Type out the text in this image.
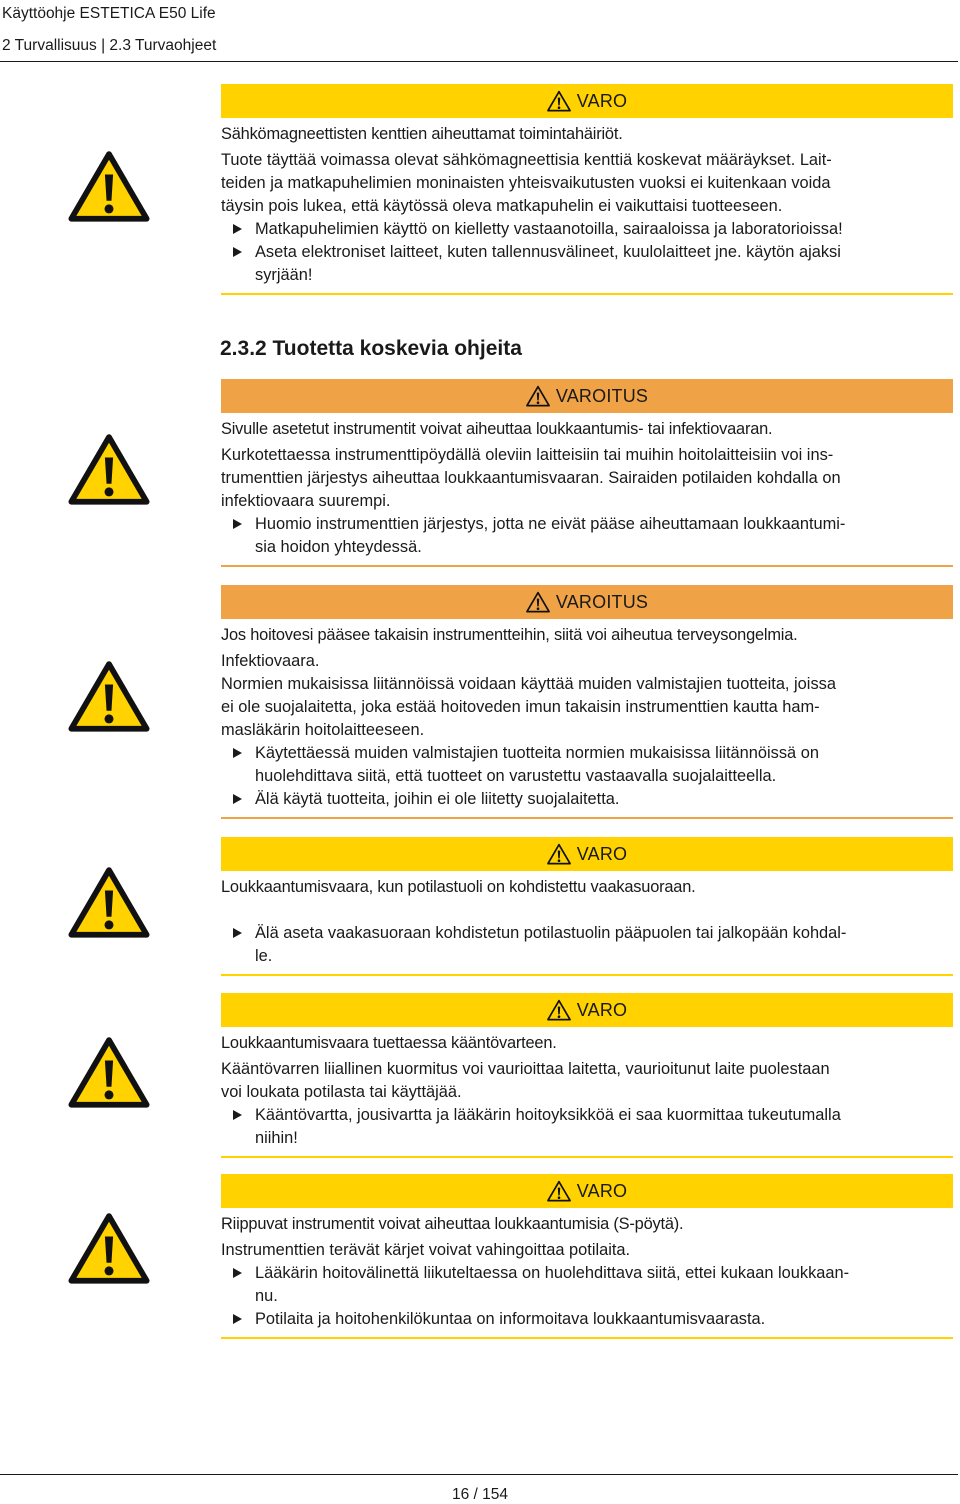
Käyttöohje ESTETICA E50 Life
2 Turvallisuus | 2.3 Turvaohjeet
2.3.2 Tuotetta koskevia ohjeita
VARO
Sähkömagneettisten kenttien aiheuttamat toimintahäiriöt.
Tuote täyttää voimassa olevat sähkömagneettisia kenttiä koskevat määräykset. Lait-
teiden ja matkapuhelimien moninaisten yhteisvaikutusten vuoksi ei kuitenkaan voida
täysin pois lukea, että käytössä oleva matkapuhelin ei vaikuttaisi tuotteeseen.
Matkapuhelimien käyttö on kielletty vastaanotoilla, sairaaloissa ja laboratorioissa!
Aseta elektroniset laitteet, kuten tallennusvälineet, kuulolaitteet jne. käytön ajaksi
syrjään!
VAROITUS
Sivulle asetetut instrumentit voivat aiheuttaa loukkaantumis- tai infektiovaaran.
Kurkotettaessa instrumenttipöydällä oleviin laitteisiin tai muihin hoitolaitteisiin voi ins-
trumenttien järjestys aiheuttaa loukkaantumisvaaran. Sairaiden potilaiden kohdalla on
infektiovaara suurempi.
Huomio instrumenttien järjestys, jotta ne eivät pääse aiheuttamaan loukkaantumi-
sia hoidon yhteydessä.
VAROITUS
Jos hoitovesi pääsee takaisin instrumentteihin, siitä voi aiheutua terveysongelmia.
Infektiovaara.
Normien mukaisissa liitännöissä voidaan käyttää muiden valmistajien tuotteita, joissa
ei ole suojalaitetta, joka estää hoitoveden imun takaisin instrumenttien kautta ham-
masläkärin hoitolaitteeseen.
Käytettäessä muiden valmistajien tuotteita normien mukaisissa liitännöissä on
huolehdittava siitä, että tuotteet on varustettu vastaavalla suojalaitteella.
Älä käytä tuotteita, joihin ei ole liitetty suojalaitetta.
VARO
Loukkaantumisvaara, kun potilastuoli on kohdistettu vaakasuoraan.
Älä aseta vaakasuoraan kohdistetun potilastuolin pääpuolen tai jalkopään kohdal-
le.
VARO
Loukkaantumisvaara tuettaessa kääntövarteen.
Kääntövarren liiallinen kuormitus voi vaurioittaa laitetta, vaurioitunut laite puolestaan
voi loukata potilasta tai käyttäjää.
Kääntövartta, jousivartta ja lääkärin hoitoyksikköä ei saa kuormittaa tukeutumalla
niihin!
VARO
Riippuvat instrumentit voivat aiheuttaa loukkaantumisia (S-pöytä).
Instrumenttien terävät kärjet voivat vahingoittaa potilaita.
Lääkärin hoitovälinettä liikuteltaessa on huolehdittava siitä, ettei kukaan loukkaan-
nu.
Potilaita ja hoitohenkilökuntaa on informoitava loukkaantumisvaarasta.
16 / 154
